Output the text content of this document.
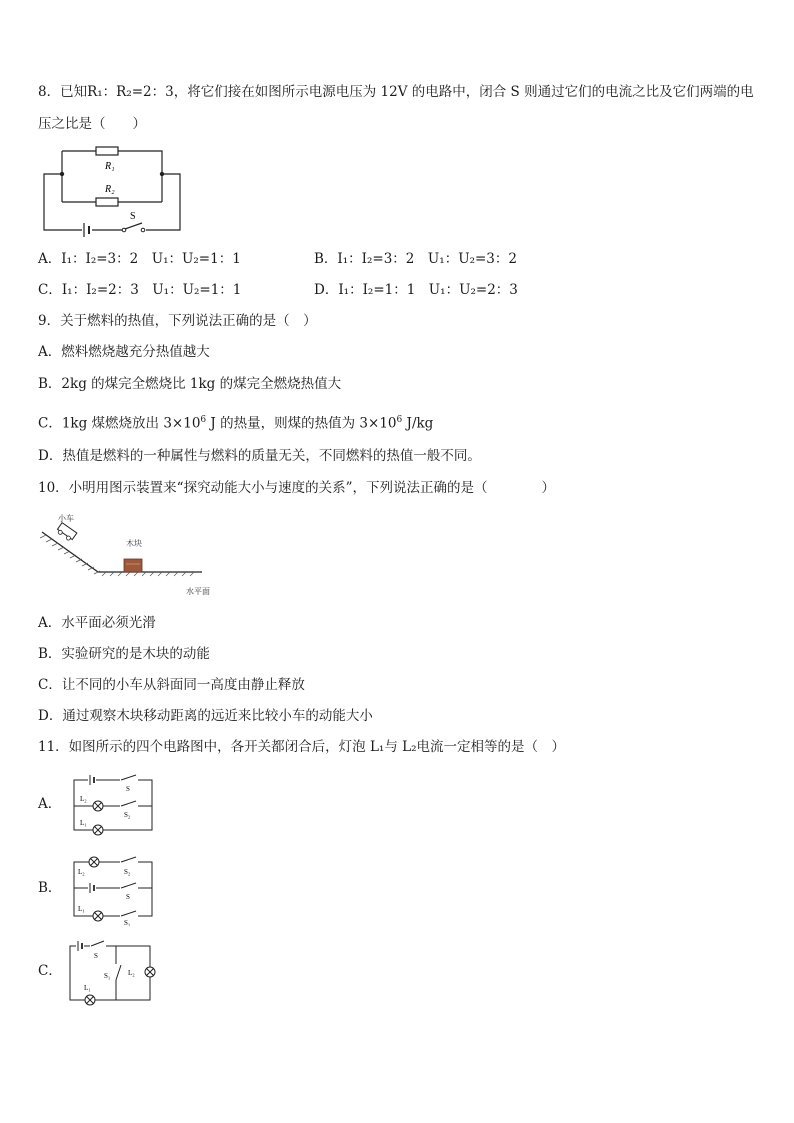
8．已知R₁：R₂=2：3，将它们接在如图所示电源电压为 12V 的电路中，闭合 S 则通过它们的电流之比及它们两端的电
压之比是（　　）
R₁
R₂
S
A．I₁：I₂=3：2　U₁：U₂=1：1	B．I₁：I₂=3：2　U₁：U₂=3：2
C．I₁：I₂=2：3　U₁：U₂=1：1	D．I₁：I₂=1：1　U₁：U₂=2：3
9．关于燃料的热值，下列说法正确的是（　）
A．燃料燃烧越充分热值越大
B．2kg 的煤完全燃烧比 1kg 的煤完全燃烧热值大
C．1kg 煤燃烧放出 $3\times 10^6$ J 的热量，则煤的热值为 $3\times 10^6$ J/kg
D．热值是燃料的一种属性与燃料的质量无关，不同燃料的热值一般不同。
10．小明用图示装置来“探究动能大小与速度的关系”，下列说法正确的是（　　　　）
小车
木块
水平面
A．水平面必须光滑
B．实验研究的是木块的动能
C．让不同的小车从斜面同一高度由静止释放
D．通过观察木块移动距离的远近来比较小车的动能大小
11．如图所示的四个电路图中，各开关都闭合后，灯泡 L₁与 L₂电流一定相等的是（　）
A．
S
L₂
S₂
L₁
B．
L₂	S₂
S
L₁
S₁
C．
S
S₁	L₂
L₁
